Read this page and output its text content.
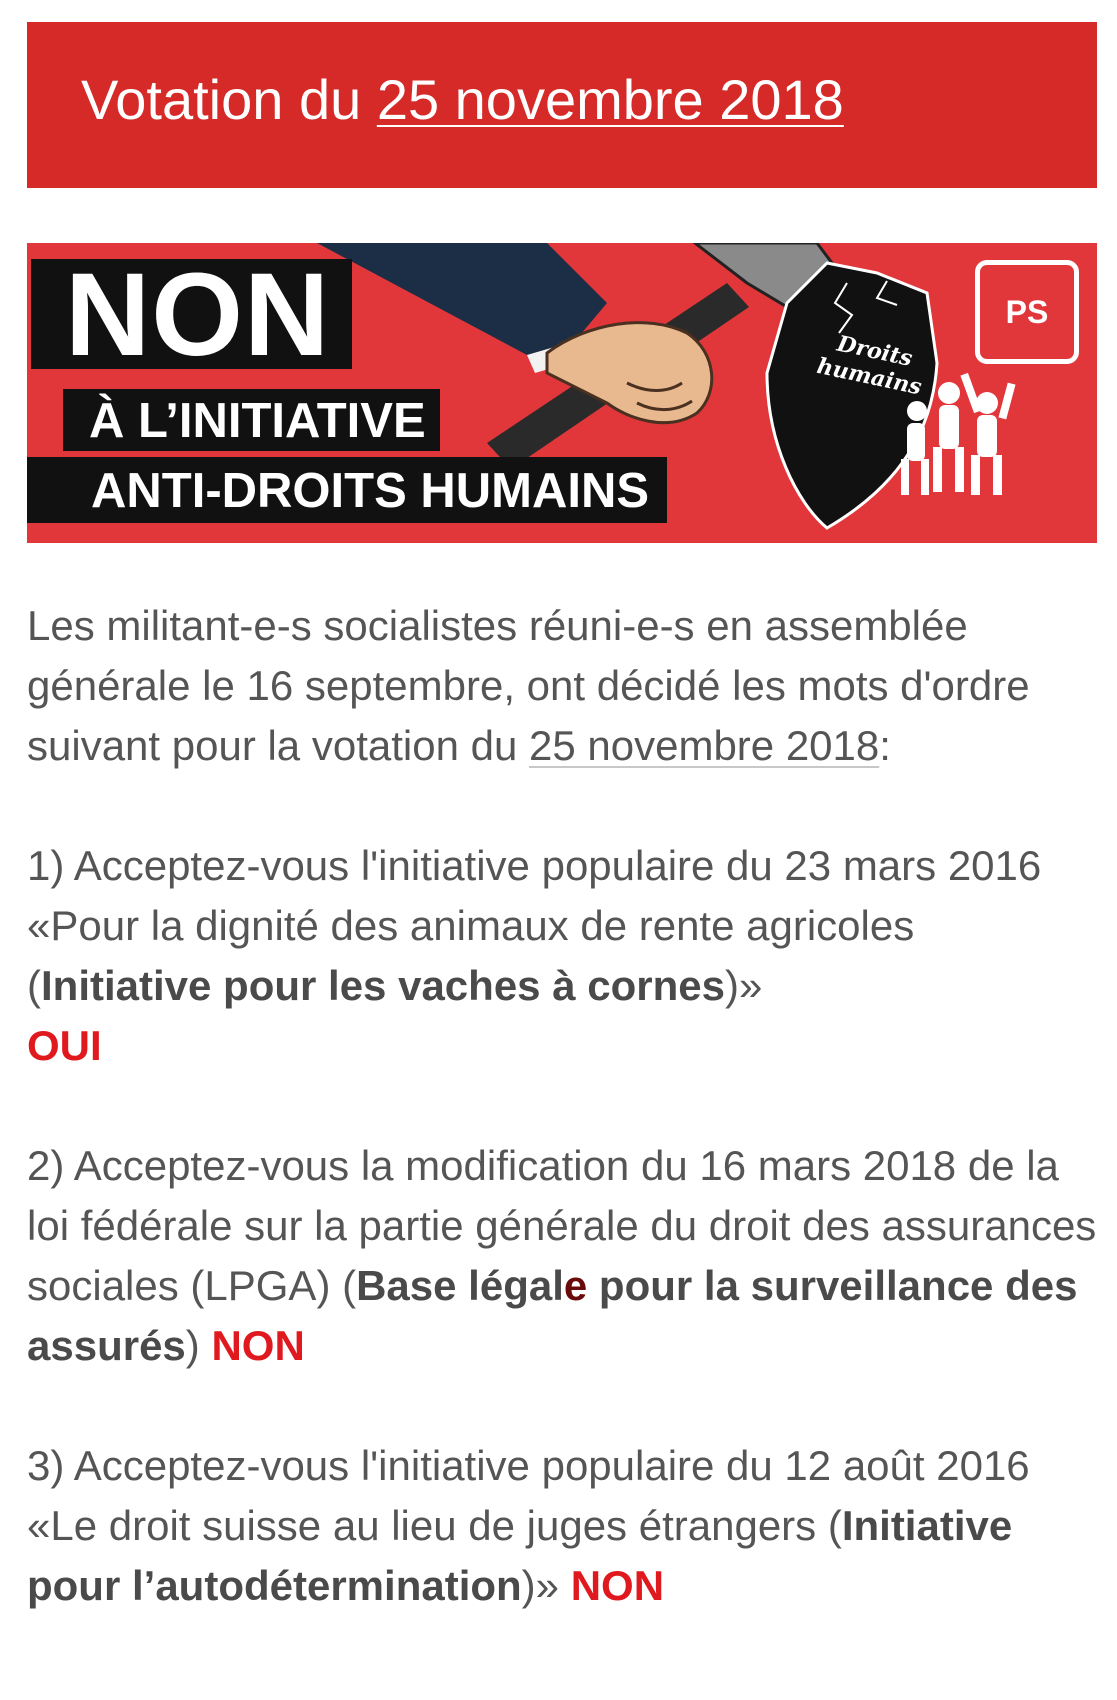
Votation du 25 novembre 2018
NON
À L’INITIATIVE
ANTI-DROITS HUMAINS
Droits humains
PS

Les militant-e-s socialistes réuni-e-s en assemblée générale le 16 septembre, ont décidé les mots d'ordre suivant pour la votation du 25 novembre 2018:

1) Acceptez-vous l'initiative populaire du 23 mars 2016 «Pour la dignité des animaux de rente agricoles (Initiative pour les vaches à cornes)»
OUI

2) Acceptez-vous la modification du 16 mars 2018 de la loi fédérale sur la partie générale du droit des assurances sociales (LPGA) (Base légale pour la surveillance des assurés) NON

3) Acceptez-vous l'initiative populaire du 12 août 2016 «Le droit suisse au lieu de juges étrangers (Initiative pour l’autodétermination)» NON
